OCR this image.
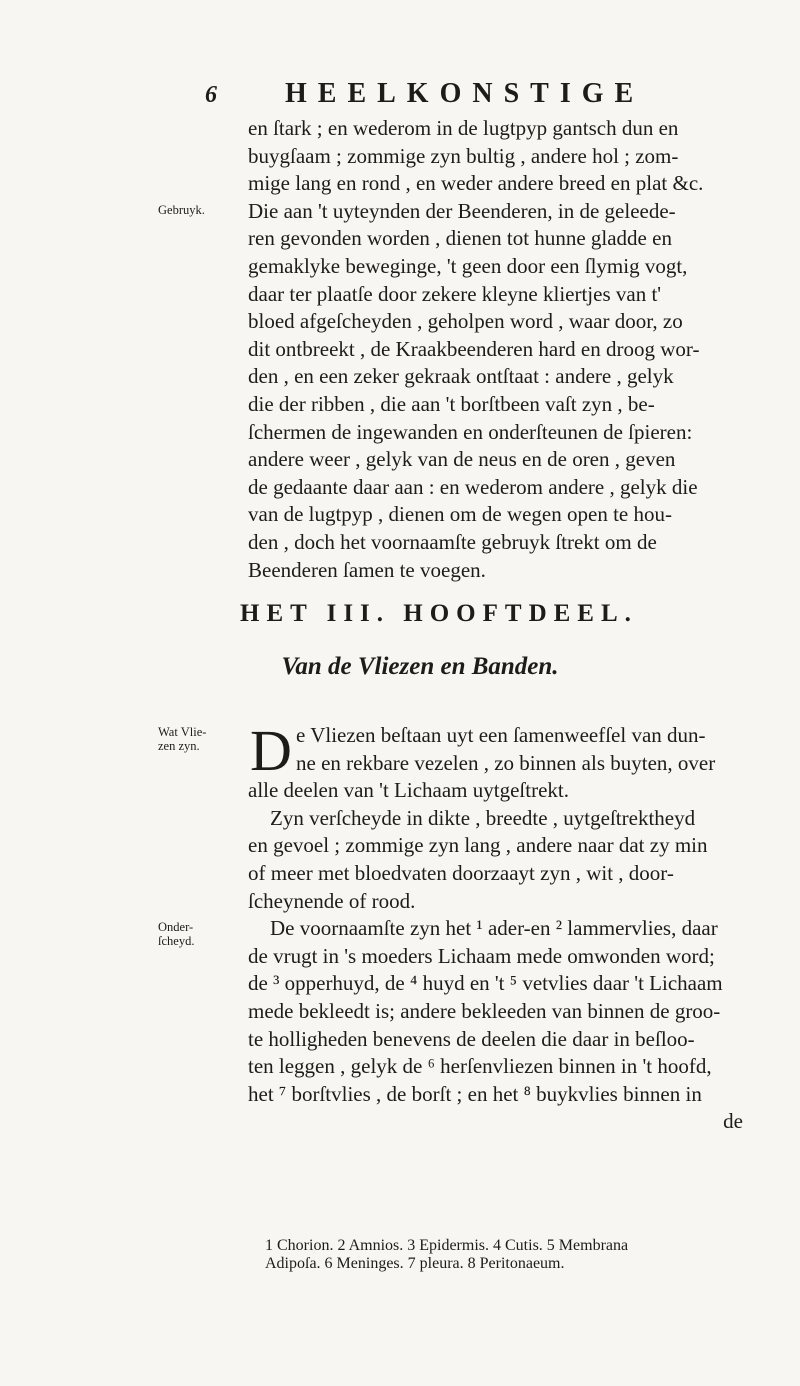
6 HEELKONSTIGE
en ſtark ; en wederom in de lugtpyp gantsch dun en
buygſaam ; zommige zyn bultig , andere hol ; zom-
mige lang en rond , en weder andere breed en plat &c.
Die aan 't uyteynden der Beenderen, in de geleede-
ren gevonden worden , dienen tot hunne gladde en
gemaklyke beweginge, 't geen door een ſlymig vogt,
daar ter plaatſe door zekere kleyne kliertjes van t'
bloed afgeſcheyden , geholpen word , waar door, zo
dit ontbreekt , de Kraakbeenderen hard en droog wor-
den , en een zeker gekraak ontſtaat : andere , gelyk
die der ribben , die aan 't borſtbeen vaſt zyn , be-
ſchermen de ingewanden en onderſteunen de ſpieren:
andere weer , gelyk van de neus en de oren , geven
de gedaante daar aan : en wederom andere , gelyk die
van de lugtpyp , dienen om de wegen open te hou-
den , doch het voornaamſte gebruyk ſtrekt om de
Beenderen ſamen te voegen.
Gebruyk.
HET III. HOOFTDEEL.
Van de Vliezen en Banden.
Wat Vlie-
zen zyn.
Onder-
ſcheyd.
D e Vliezen beſtaan uyt een ſamenweefſel van dun-
ne en rekbare vezelen , zo binnen als buyten, over
alle deelen van 't Lichaam uytgeſtrekt.
Zyn verſcheyde in dikte , breedte , uytgeſtrektheyd
en gevoel ; zommige zyn lang , andere naar dat zy min
of meer met bloedvaten doorzaayt zyn , wit , door-
ſcheynende of rood.
De voornaamſte zyn het ¹ ader-en ² lammervlies, daar
de vrugt in 's moeders Lichaam mede omwonden word;
de ³ opperhuyd, de ⁴ huyd en 't ⁵ vetvlies daar 't Lichaam
mede bekleedt is; andere bekleeden van binnen de groo-
te holligheden benevens de deelen die daar in beſloo-
ten leggen , gelyk de ⁶ herſenvliezen binnen in 't hoofd,
het ⁷ borſtvlies , de borſt ; en het ⁸ buykvlies binnen in
de
1 Chorion. 2 Amnios. 3 Epidermis. 4 Cutis. 5 Membrana
Adipoſa. 6 Meninges. 7 pleura. 8 Peritonaeum.
